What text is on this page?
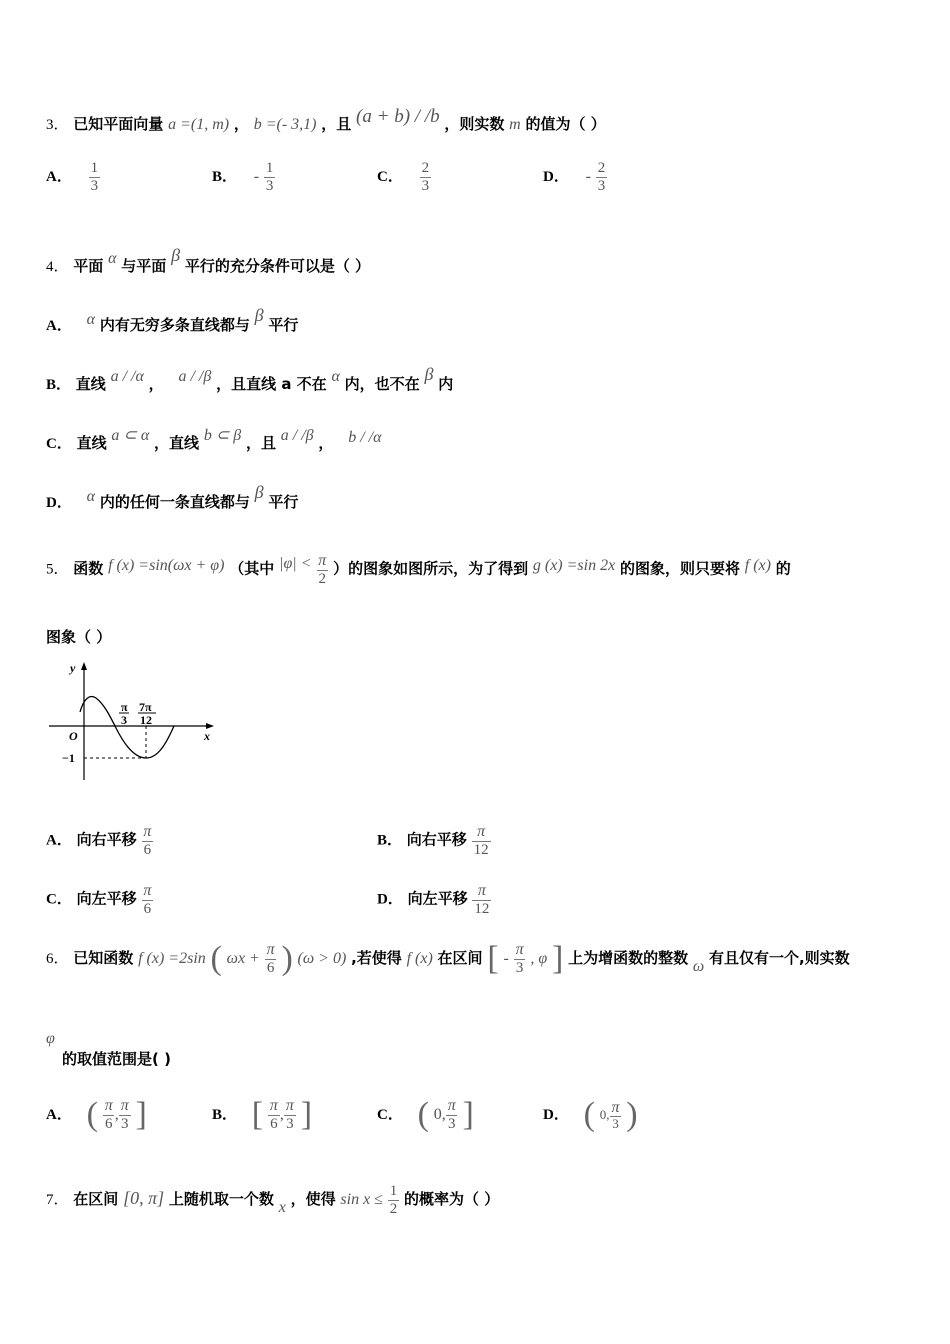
3． 已知平面向量 a =(1, m) ， b =(- 3,1) ，且 (a + b) / /b ，则实数 m 的值为（ ）
A． $\frac{1}{3}$	B． - $\frac{1}{3}$	C． $\frac{2}{3}$	D． - $\frac{2}{3}$
4． 平面 α 与平面 β 平行的充分条件可以是（ ）
A． α 内有无穷多条直线都与 β 平行
B． 直线 a / /α ， a / /β ，且直线 a 不在 α 内，也不在 β 内
C． 直线 a ⊂ α ，直线 b ⊂ β ，且 a / /β ， b / /α
D． α 内的任何一条直线都与 β 平行
5． 函数 f (x) =sin(ωx + φ) （其中 $|\varphi| < \frac{\pi}{2}$ ）的图象如图所示，为了得到 g (x) =sin 2x 的图象，则只要将 f (x) 的
图象（ ）
y
x
O
−1
π
3
7π
12
A． 向右平移 $\frac{\pi}{6}$	B． 向右平移 $\frac{\pi}{12}$
C． 向左平移 $\frac{\pi}{6}$	D． 向左平移 $\frac{\pi}{12}$
6． 已知函数 f (x) =2sin ( $\omega x + \frac{\pi}{6}$ ) (ω > 0) ,若使得 f (x) 在区间 [ - $\frac{\pi}{3}$ , φ ] 上为增函数的整数 ω 有且仅有一个,则实数
φ
的取值范围是( )
A． ( $\frac{\pi}{6}$ , $\frac{\pi}{3}$ ]	B． [ $\frac{\pi}{6}$ , $\frac{\pi}{3}$ ]	C． ( 0, $\frac{\pi}{3}$ ]	D． ( 0, $\frac{\pi}{3}$ )
7． 在区间 [0, π] 上随机取一个数 x ，使得 $\sin x \le \frac{1}{2}$ 的概率为（ ）
